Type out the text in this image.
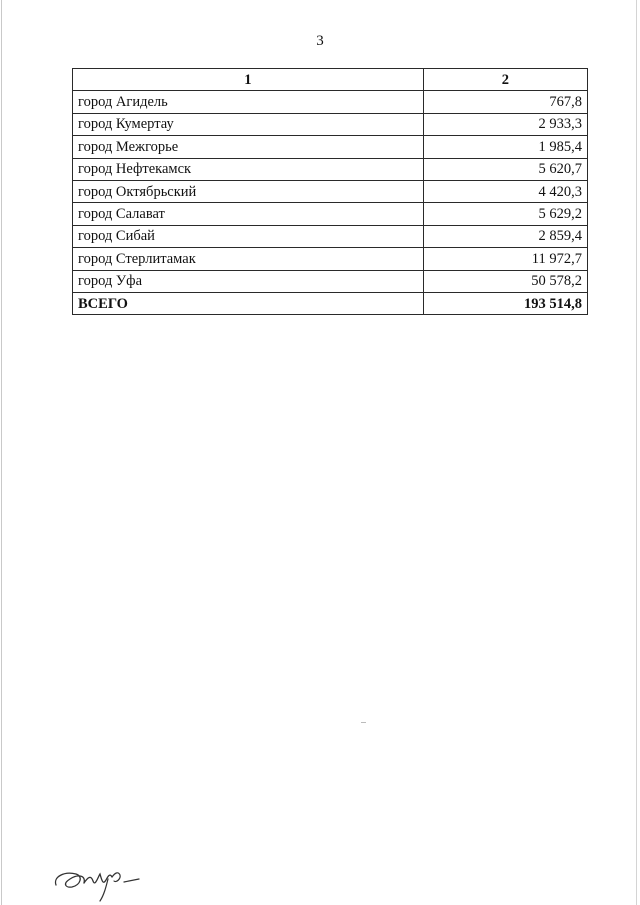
3
1	2
город Агидель	767,8
город Кумертау	2 933,3
город Межгорье	1 985,4
город Нефтекамск	5 620,7
город Октябрьский	4 420,3
город Салават	5 629,2
город Сибай	2 859,4
город Стерлитамак	11 972,7
город Уфа	50 578,2
ВСЕГО	193 514,8
